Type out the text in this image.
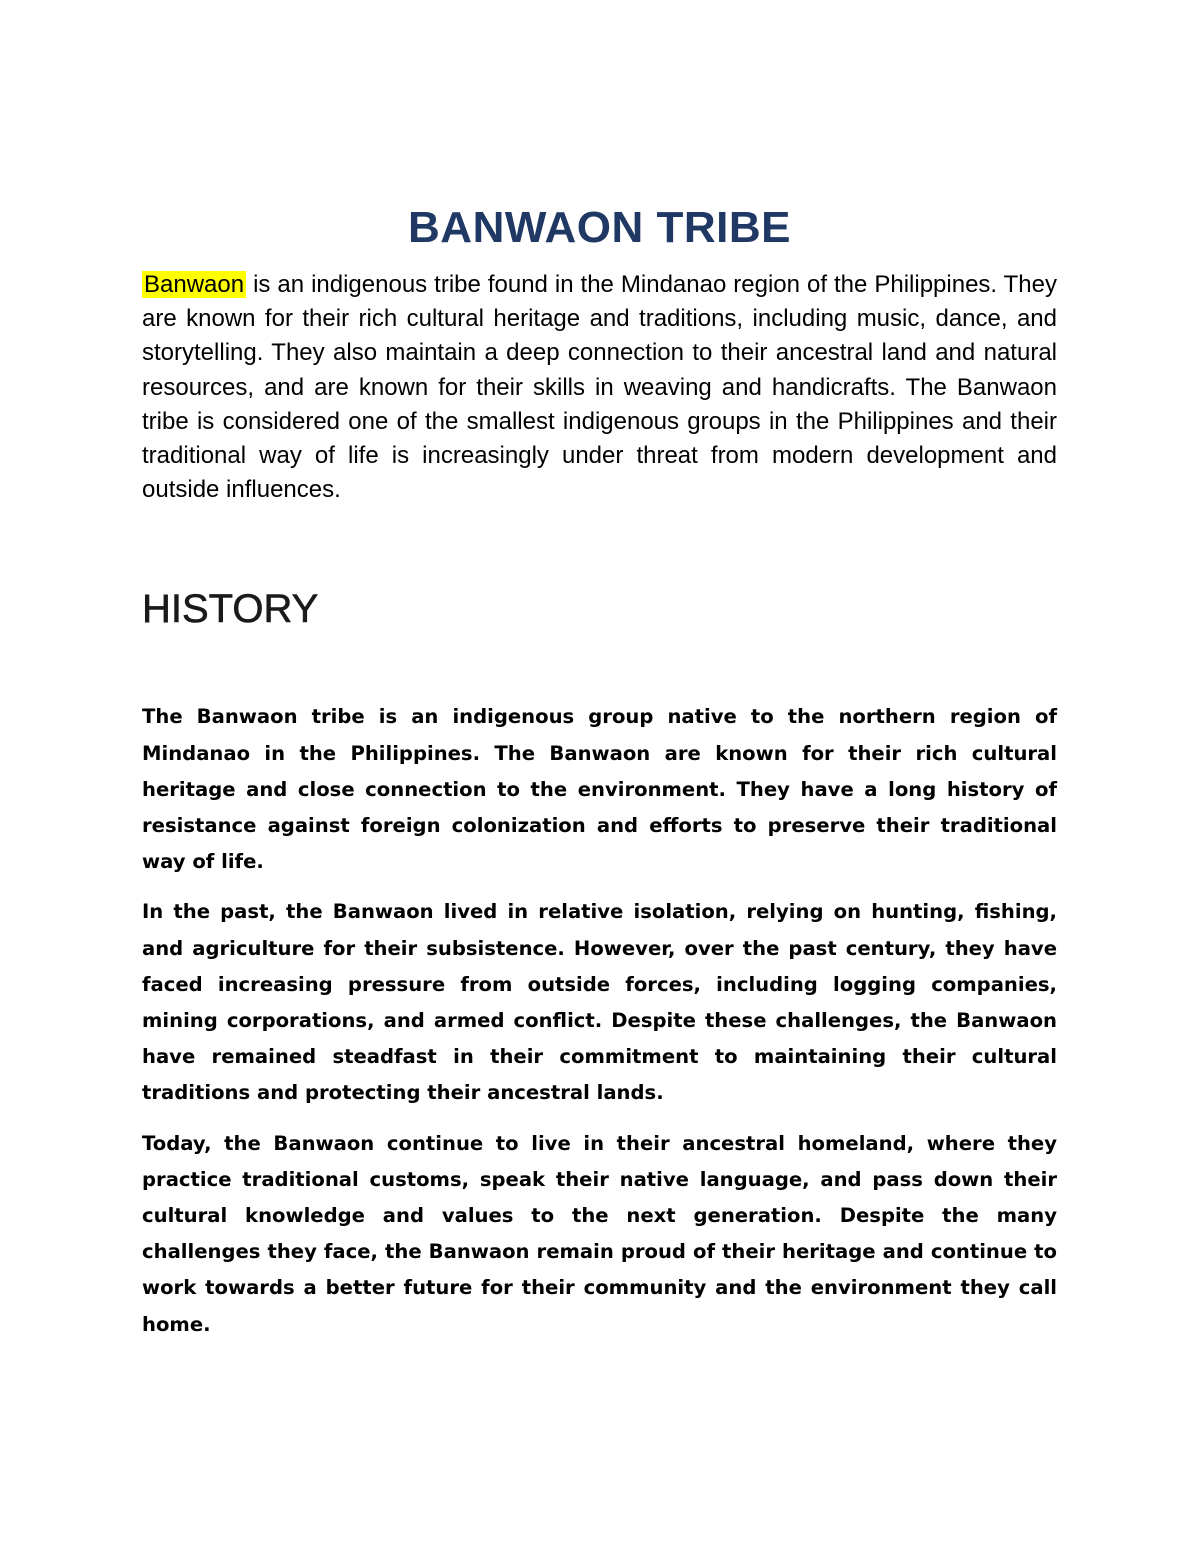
BANWAON TRIBE

Banwaon is an indigenous tribe found in the Mindanao region of the Philippines. They are known for their rich cultural heritage and traditions, including music, dance, and storytelling. They also maintain a deep connection to their ancestral land and natural resources, and are known for their skills in weaving and handicrafts. The Banwaon tribe is considered one of the smallest indigenous groups in the Philippines and their traditional way of life is increasingly under threat from modern development and outside influences.

HISTORY

The Banwaon tribe is an indigenous group native to the northern region of Mindanao in the Philippines. The Banwaon are known for their rich cultural heritage and close connection to the environment. They have a long history of resistance against foreign colonization and efforts to preserve their traditional way of life.

In the past, the Banwaon lived in relative isolation, relying on hunting, fishing, and agriculture for their subsistence. However, over the past century, they have faced increasing pressure from outside forces, including logging companies, mining corporations, and armed conflict. Despite these challenges, the Banwaon have remained steadfast in their commitment to maintaining their cultural traditions and protecting their ancestral lands.

Today, the Banwaon continue to live in their ancestral homeland, where they practice traditional customs, speak their native language, and pass down their cultural knowledge and values to the next generation. Despite the many challenges they face, the Banwaon remain proud of their heritage and continue to work towards a better future for their community and the environment they call home.
